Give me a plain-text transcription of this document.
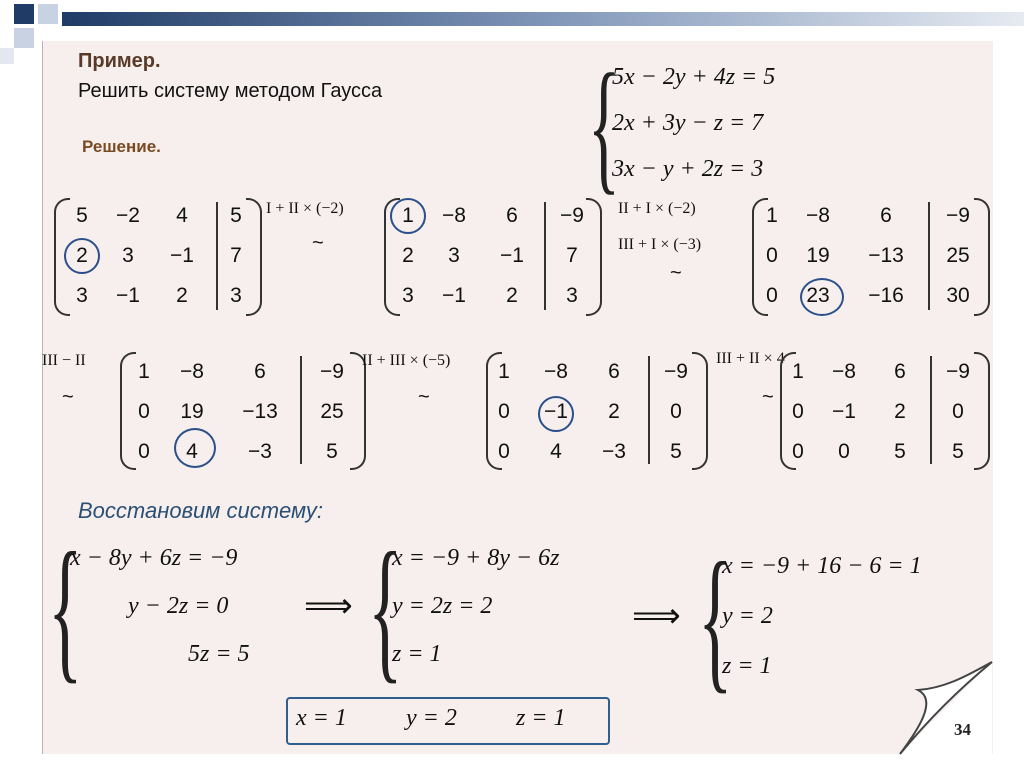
Пример.
Решить систему методом Гаусса
Решение.	{
5x − 2y + 4z = 5
2x + 3y − z = 7
3x − y + 2z = 3
5	−2	4	5
2	3	−1	7
3	−1	2	3
I + II × (−2)
~
1	−8	6	−9
2	3	−1	7
3	−1	2	3
II + I × (−2)
III + I × (−3)
~
1	−8	6	−9
0	19	−13	25
0	23	−16	30
III − II
~
1	−8	6	−9
0	19	−13	25
0	4	−3	5
II + III × (−5)
~
1	−8	6	−9
0	−1	2	0
0	4	−3	5
III + II × 4
~
1	−8	6	−9
0	−1	2	0
0	0	5	5
Восстановим систему:
{
x − 8y + 6z = −9
y − 2z = 0
5z = 5
⟹ {
x = −9 + 8y − 6z
y = 2z = 2
z = 1
⟹ {
x = −9 + 16 − 6 = 1
y = 2
z = 1
x = 1 y = 2 z = 1	34
